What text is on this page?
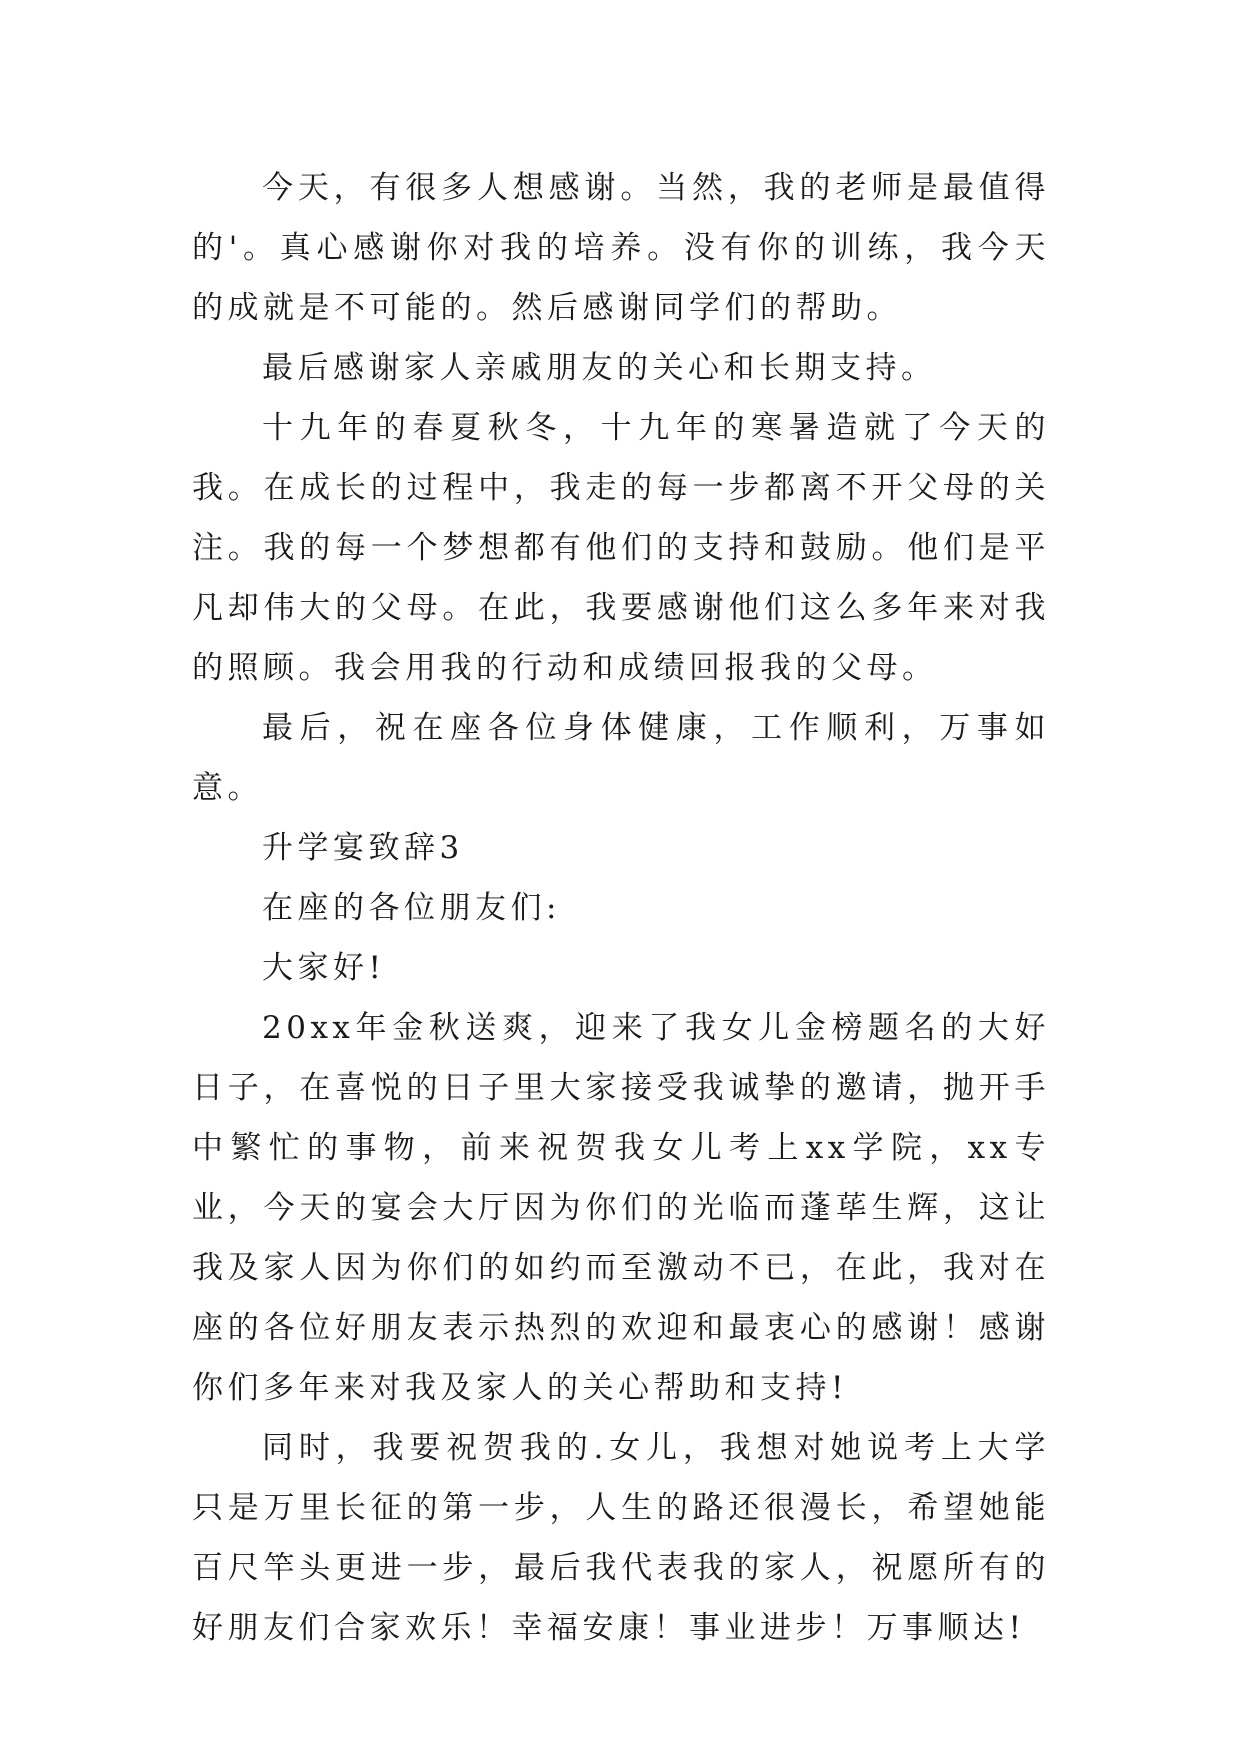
今天，有很多人想感谢。当然，我的老师是最值得的'。真心感谢你对我的培养。没有你的训练，我今天的成就是不可能的。然后感谢同学们的帮助。

最后感谢家人亲戚朋友的关心和长期支持。

十九年的春夏秋冬，十九年的寒暑造就了今天的我。在成长的过程中，我走的每一步都离不开父母的关注。我的每一个梦想都有他们的支持和鼓励。他们是平凡却伟大的父母。在此，我要感谢他们这么多年来对我的照顾。我会用我的行动和成绩回报我的父母。

最后，祝在座各位身体健康，工作顺利，万事如意。

升学宴致辞3

在座的各位朋友们:

大家好!

20xx年金秋送爽，迎来了我女儿金榜题名的大好日子，在喜悦的日子里大家接受我诚挚的邀请，抛开手中繁忙的事物，前来祝贺我女儿考上xx学院，xx专业，今天的宴会大厅因为你们的光临而蓬荜生辉，这让我及家人因为你们的如约而至激动不已，在此，我对在座的各位好朋友表示热烈的欢迎和最衷心的感谢！感谢你们多年来对我及家人的关心帮助和支持!

同时，我要祝贺我的.女儿，我想对她说考上大学只是万里长征的第一步，人生的路还很漫长，希望她能百尺竿头更进一步，最后我代表我的家人，祝愿所有的好朋友们合家欢乐！幸福安康！事业进步！万事顺达!
